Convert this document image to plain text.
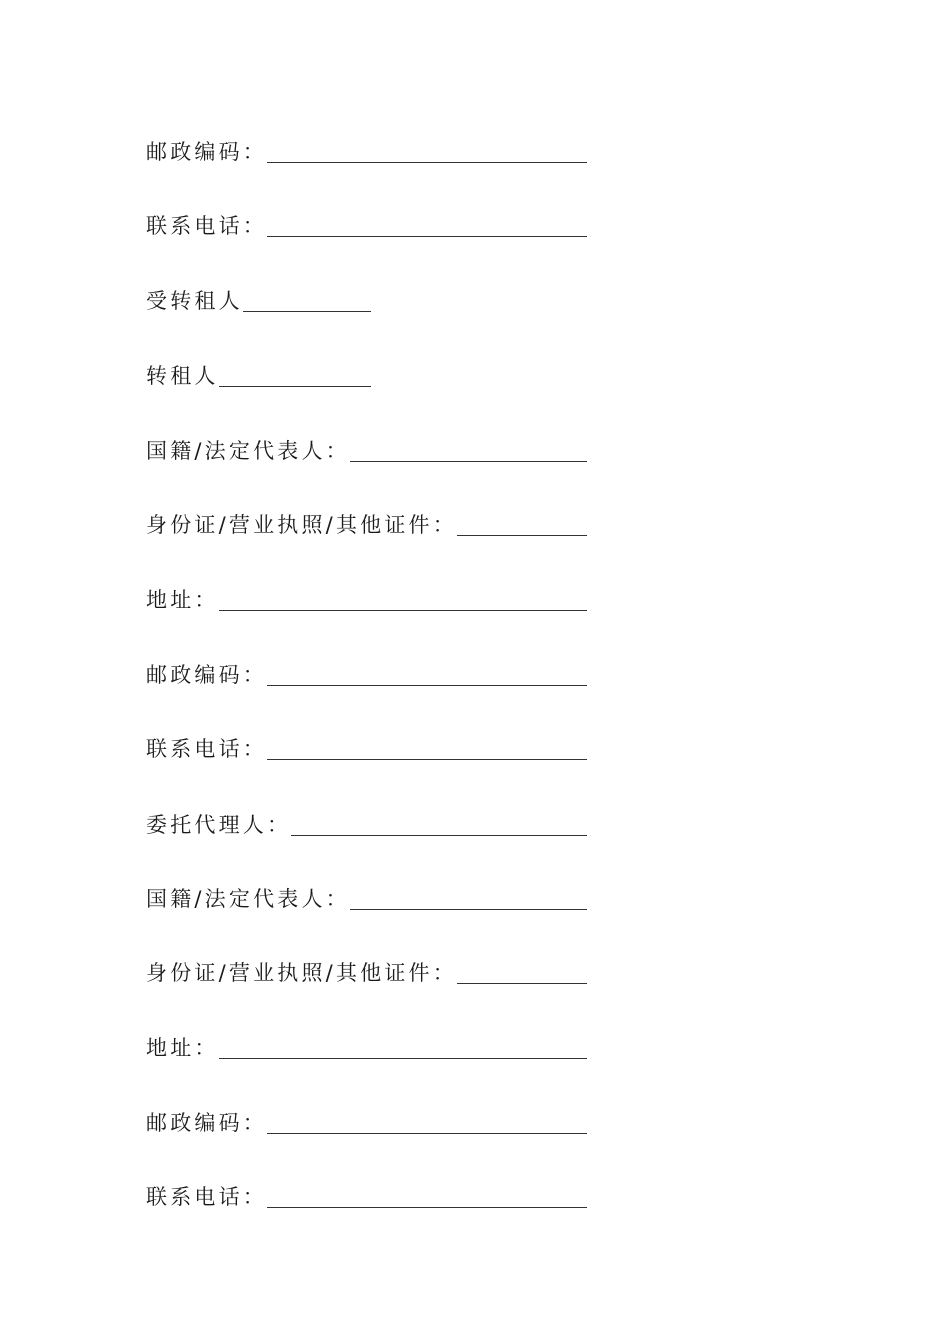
邮政编码：
联系电话：
受转租人
转租人
国籍/法定代表人：
身份证/营业执照/其他证件：
地址：
邮政编码：
联系电话：
委托代理人：
国籍/法定代表人：
身份证/营业执照/其他证件：
地址：
邮政编码：
联系电话：
